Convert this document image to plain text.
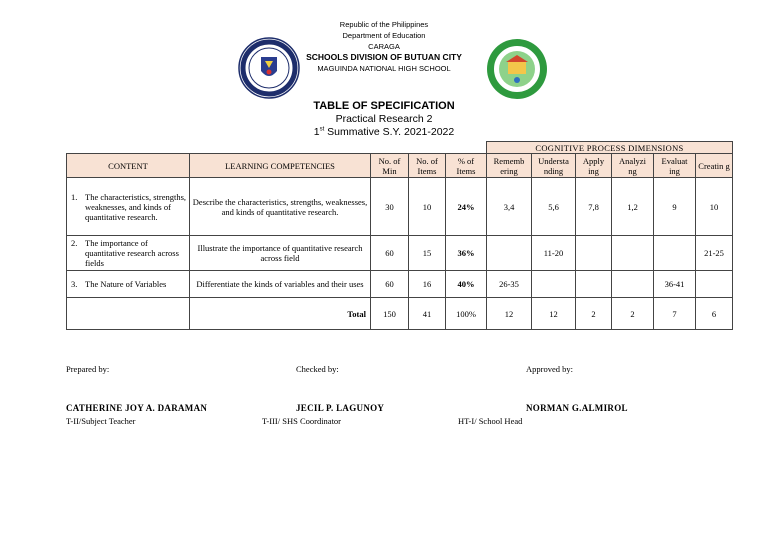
Republic of the Philippines
Department of Education
CARAGA
SCHOOLS DIVISION OF BUTUAN CITY
MAGUINDA NATIONAL HIGH SCHOOL
TABLE OF SPECIFICATION
Practical Research 2
1st Summative S.Y. 2021-2022
					COGNITIVE PROCESS DIMENSIONS					
CONTENT	LEARNING COMPETENCIES	No. of Min	No. of Items	% of Items	Rememb ering	Understa nding	Apply ing	Analyzi ng	Evaluat ing	Creatin g

1. The characteristics, strengths, weaknesses, and kinds of quantitative research.	Describe the characteristics, strengths, weaknesses, and kinds of quantitative research.	30	10	24%	3,4	5,6	7,8	1,2	9	10

2. The importance of quantitative research across fields	Illustrate the importance of quantitative research across field	60	15	36%		11-20				21-25

3. The Nature of Variables	Differentiate the kinds of variables and their uses	60	16	40%	26-35				36-41	
	Total	150	41	100%	12	12	2	2	7	6
Prepared by:	Checked by:	Approved by:
CATHERINE JOY A. DARAMAN	JECIL P. LAGUNOY	NORMAN G.ALMIROL
T-II/Subject Teacher	T-III/ SHS Coordinator	HT-I/ School Head
